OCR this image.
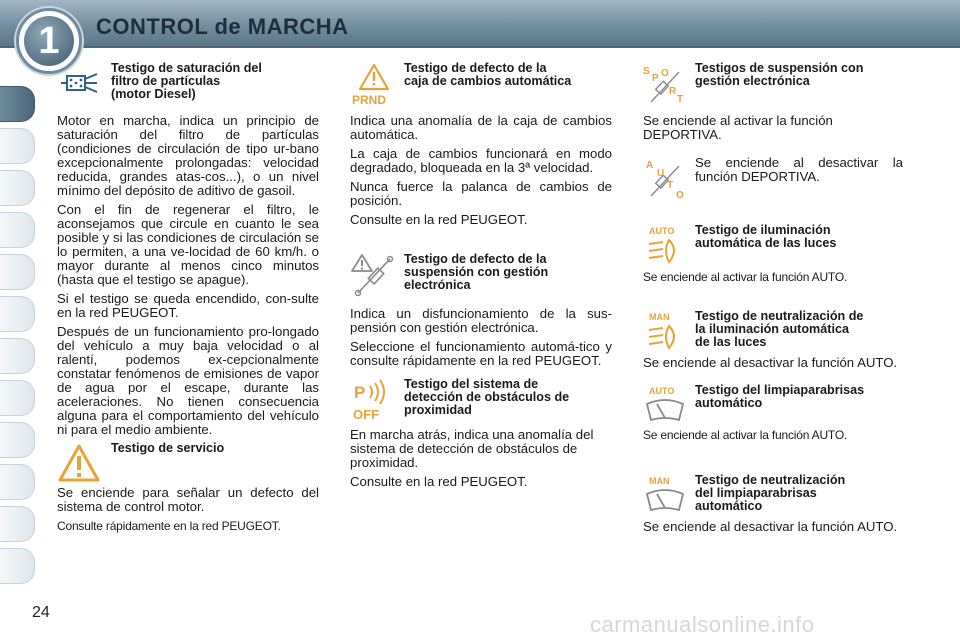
1	CONTROL de MARCHA
Testigo de saturación del
filtro de partículas
(motor Diesel)

Motor en marcha, indica un principio de saturación del filtro de partículas (condiciones de circulación de tipo ur-bano excepcionalmente prolongadas: velocidad reducida, grandes atas-cos...), o un nivel mínimo del depósito de aditivo de gasoil.

Con el fin de regenerar el filtro, le aconsejamos que circule en cuanto le sea posible y si las condiciones de circulación se lo permiten, a una ve-locidad de 60 km/h. o mayor durante al menos cinco minutos (hasta que el testigo se apague).

Si el testigo se queda encendido, con-sulte en la red PEUGEOT.

Después de un funcionamiento pro-longado del vehículo a muy baja velocidad o al ralentí, podemos ex-cepcionalmente constatar fenómenos de emisiones de vapor de agua por el escape, durante las aceleraciones. No tienen consecuencia alguna para el comportamiento del vehículo ni para el medio ambiente.

Testigo de servicio

Se enciende para señalar un defecto del sistema de control motor.

Consulte rápidamente en la red PEUGEOT.

PRND
Testigo de defecto de la
caja de cambios automática

Indica una anomalía de la caja de cambios automática.

La caja de cambios funcionará en modo degradado, bloqueada en la 3ª velocidad.

Nunca fuerce la palanca de cambios de posición.

Consulte en la red PEUGEOT.

Testigo de defecto de la
suspensión con gestión
electrónica

Indica un disfuncionamiento de la sus-pensión con gestión electrónica.

Seleccione el funcionamiento automá-tico y consulte rápidamente en la red PEUGEOT.

P
OFF
Testigo del sistema de
detección de obstáculos de
proximidad

En marcha atrás, indica una anomalía del sistema de detección de obstáculos de proximidad.

Consulte en la red PEUGEOT.

S
P O
R
T
Testigos de suspensión con
gestión electrónica

Se enciende al activar la función DEPORTIVA.

A
U
T
O

Se enciende al desactivar la función DEPORTIVA.

AUTO Testigo de iluminación
automática de las luces

Se enciende al activar la función AUTO.

MAN Testigo de neutralización de
la iluminación automática
de las luces

Se enciende al desactivar la función AUTO.

AUTO Testigo del limpiaparabrisas
automático

Se enciende al activar la función AUTO.

MAN Testigo de neutralización
del limpiaparabrisas
automático

Se enciende al desactivar la función AUTO.

24	carmanualsonline.info
